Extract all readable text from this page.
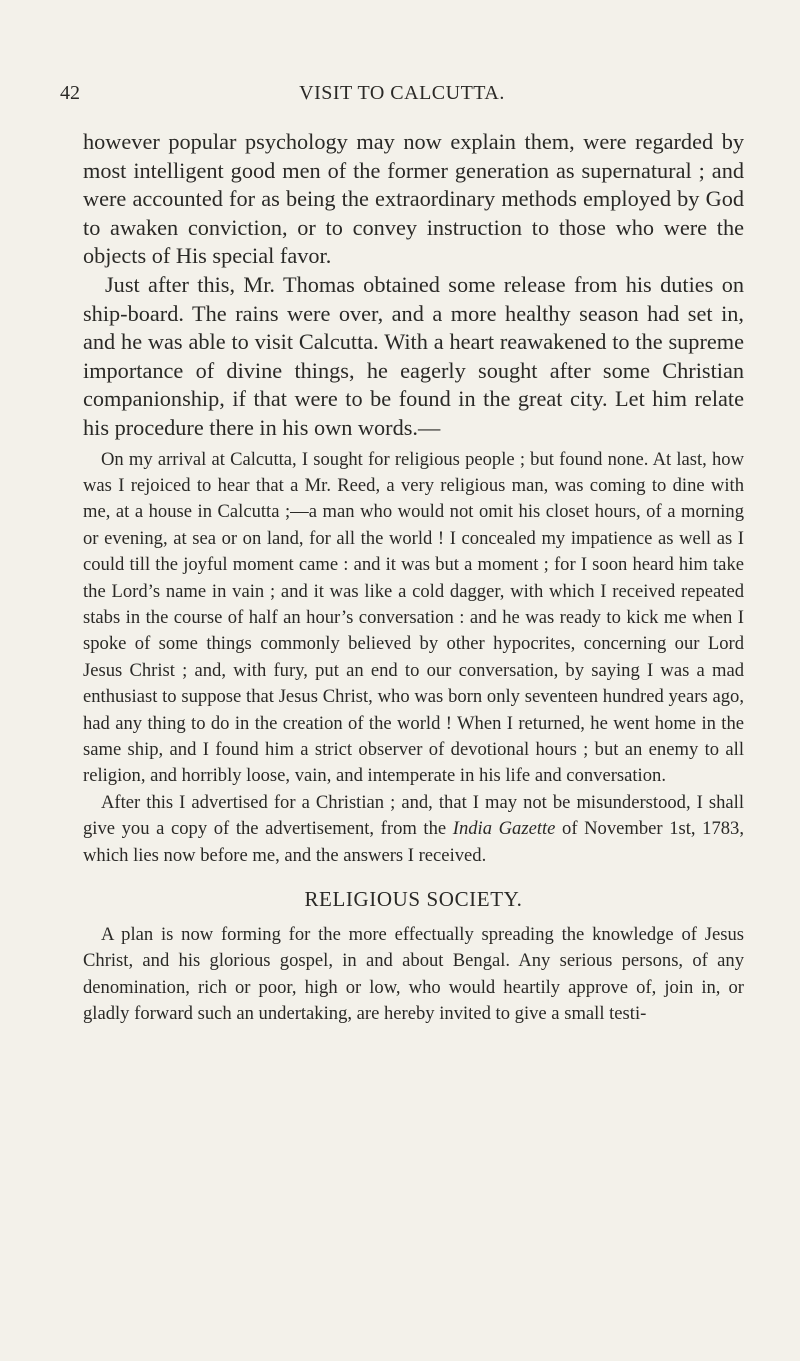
42	VISIT TO CALCUTTA.

however popular psychology may now explain them, were regarded by most intelligent good men of the former generation as supernatural ; and were accounted for as being the extraordinary methods employed by God to awaken conviction, or to convey instruction to those who were the objects of His special favor.

Just after this, Mr. Thomas obtained some release from his duties on ship-board. The rains were over, and a more healthy season had set in, and he was able to visit Calcutta. With a heart reawakened to the supreme importance of divine things, he eagerly sought after some Christian companionship, if that were to be found in the great city. Let him relate his procedure there in his own words.—

On my arrival at Calcutta, I sought for religious people ; but found none. At last, how was I rejoiced to hear that a Mr. Reed, a very religious man, was coming to dine with me, at a house in Calcutta ;—a man who would not omit his closet hours, of a morning or evening, at sea or on land, for all the world ! I concealed my impatience as well as I could till the joyful moment came : and it was but a moment ; for I soon heard him take the Lord’s name in vain ; and it was like a cold dagger, with which I received repeated stabs in the course of half an hour’s conversation : and he was ready to kick me when I spoke of some things commonly believed by other hypocrites, concerning our Lord Jesus Christ ; and, with fury, put an end to our conversation, by saying I was a mad enthusiast to suppose that Jesus Christ, who was born only seventeen hundred years ago, had any thing to do in the creation of the world ! When I returned, he went home in the same ship, and I found him a strict observer of devotional hours ; but an enemy to all religion, and horribly loose, vain, and intemperate in his life and conversation.

After this I advertised for a Christian ; and, that I may not be misunderstood, I shall give you a copy of the advertisement, from the India Gazette of November 1st, 1783, which lies now before me, and the answers I received.

RELIGIOUS SOCIETY.

A plan is now forming for the more effectually spreading the knowledge of Jesus Christ, and his glorious gospel, in and about Bengal. Any serious persons, of any denomination, rich or poor, high or low, who would heartily approve of, join in, or gladly forward such an undertaking, are hereby invited to give a small testi-
